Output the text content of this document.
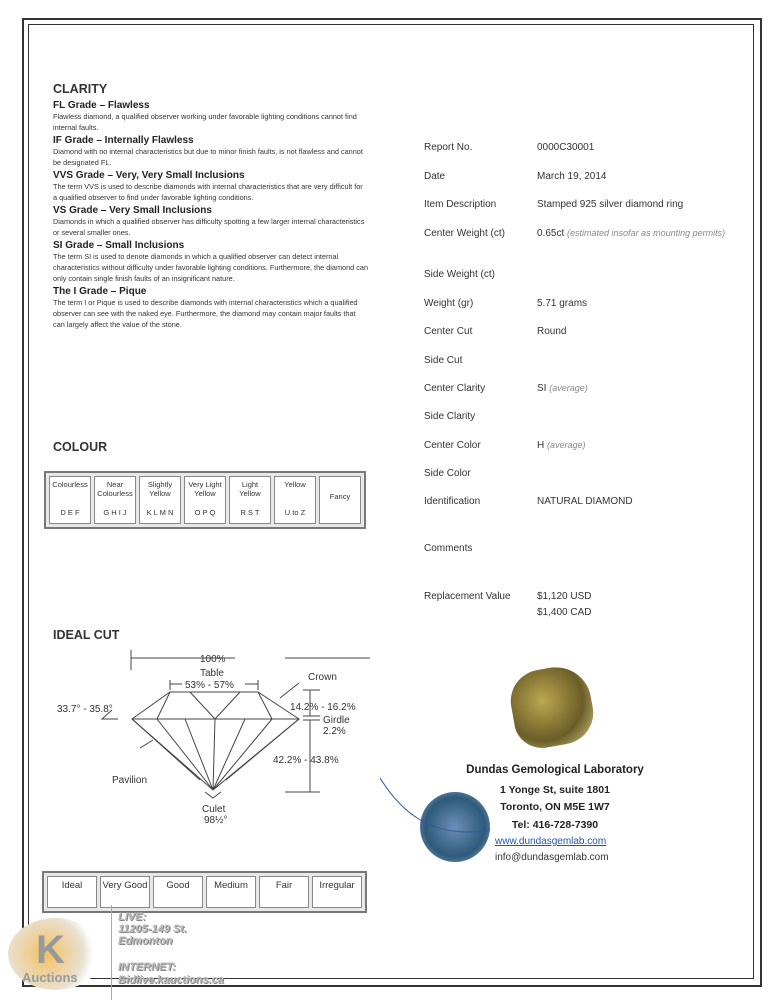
CLARITY

FL Grade – Flawless

Flawless diamond, a qualified observer working under favorable lighting conditions cannot find internal faults.

IF Grade – Internally Flawless

Diamond with no internal characteristics but due to minor finish faults, is not flawless and cannot be designated FL.

VVS Grade – Very, Very Small Inclusions

The term VVS is used to describe diamonds with internal characteristics that are very difficult for a qualified observer to find under favorable lighting conditions.

VS Grade – Very Small Inclusions

Diamonds in which a qualified observer has difficulty spotting a few larger internal characteristics or several smaller ones.

SI Grade – Small Inclusions

The term SI is used to denote diamonds in which a qualified observer can detect internal characteristics without difficulty under favorable lighting conditions. Furthermore, the diamond can only contain single finish faults of an insignificant nature.

The I Grade – Pique

The term I or Pique is used to describe diamonds with internal characteristics which a qualified observer can see with the naked eye. Furthermore, the diamond may contain major faults that can largely affect the value of the stone.

COLOUR
Colourless
D E F

Near Colourless
G H I J

Slightly Yellow
K L M N

Very Light Yellow
O P Q

Light Yellow
R S T

Yellow
U to Z

Fancy
IDEAL CUT
100%
Table
53% - 57%
Crown
33.7° - 35.8°	14.2% - 16.2%
Girdle
2.2%
42.2% - 43.8%
Pavilion
Culet
98½°
Ideal	Very Good	Good	Medium	Fair	Irregular
Report No.	0000C30001
Date	March 19, 2014
Item Description	Stamped 925 silver diamond ring
Center Weight (ct)	0.65ct (estimated insofar as mounting permits)
Side Weight (ct)
Weight (gr)	5.71 grams
Center Cut	Round
Side Cut
Center Clarity	SI (average)
Side Clarity
Center Color	H (average)
Side Color
Identification	NATURAL DIAMOND
Comments
Replacement Value	$1,120 USD
$1,400 CAD
Dundas Gemological Laboratory
1 Yonge St, suite 1801
Toronto, ON M5E 1W7
Tel: 416-728-7390
www.dundasgemlab.com
info@dundasgemlab.com
K
Auctions
LIVE:
11205-149 St.
Edmonton
INTERNET:
Bidlive.kauctions.ca
